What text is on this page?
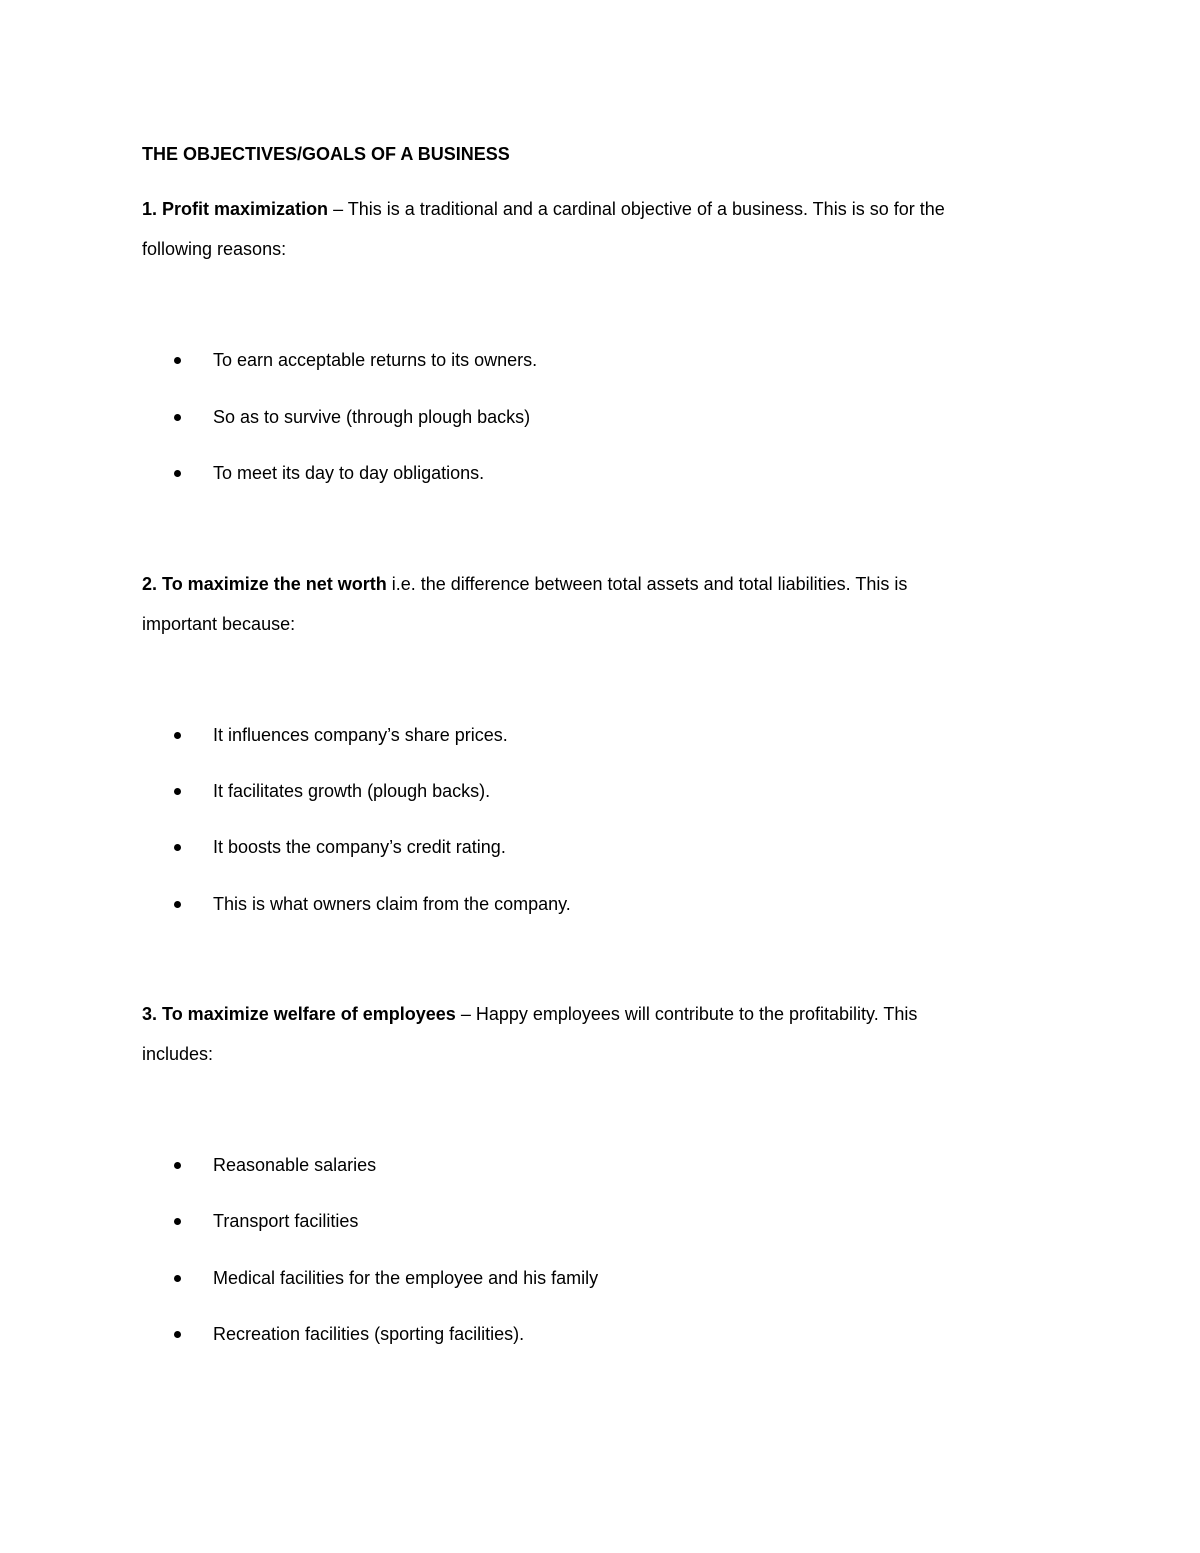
THE OBJECTIVES/GOALS OF A BUSINESS
1. Profit maximization – This is a traditional and a cardinal objective of a business. This is so for the
following reasons:
To earn acceptable returns to its owners.
So as to survive (through plough backs)
To meet its day to day obligations.
2. To maximize the net worth i.e. the difference between total assets and total liabilities. This is
important because:
It influences company’s share prices.
It facilitates growth (plough backs).
It boosts the company’s credit rating.
This is what owners claim from the company.
3. To maximize welfare of employees – Happy employees will contribute to the profitability. This
includes:
Reasonable salaries
Transport facilities
Medical facilities for the employee and his family
Recreation facilities (sporting facilities).
